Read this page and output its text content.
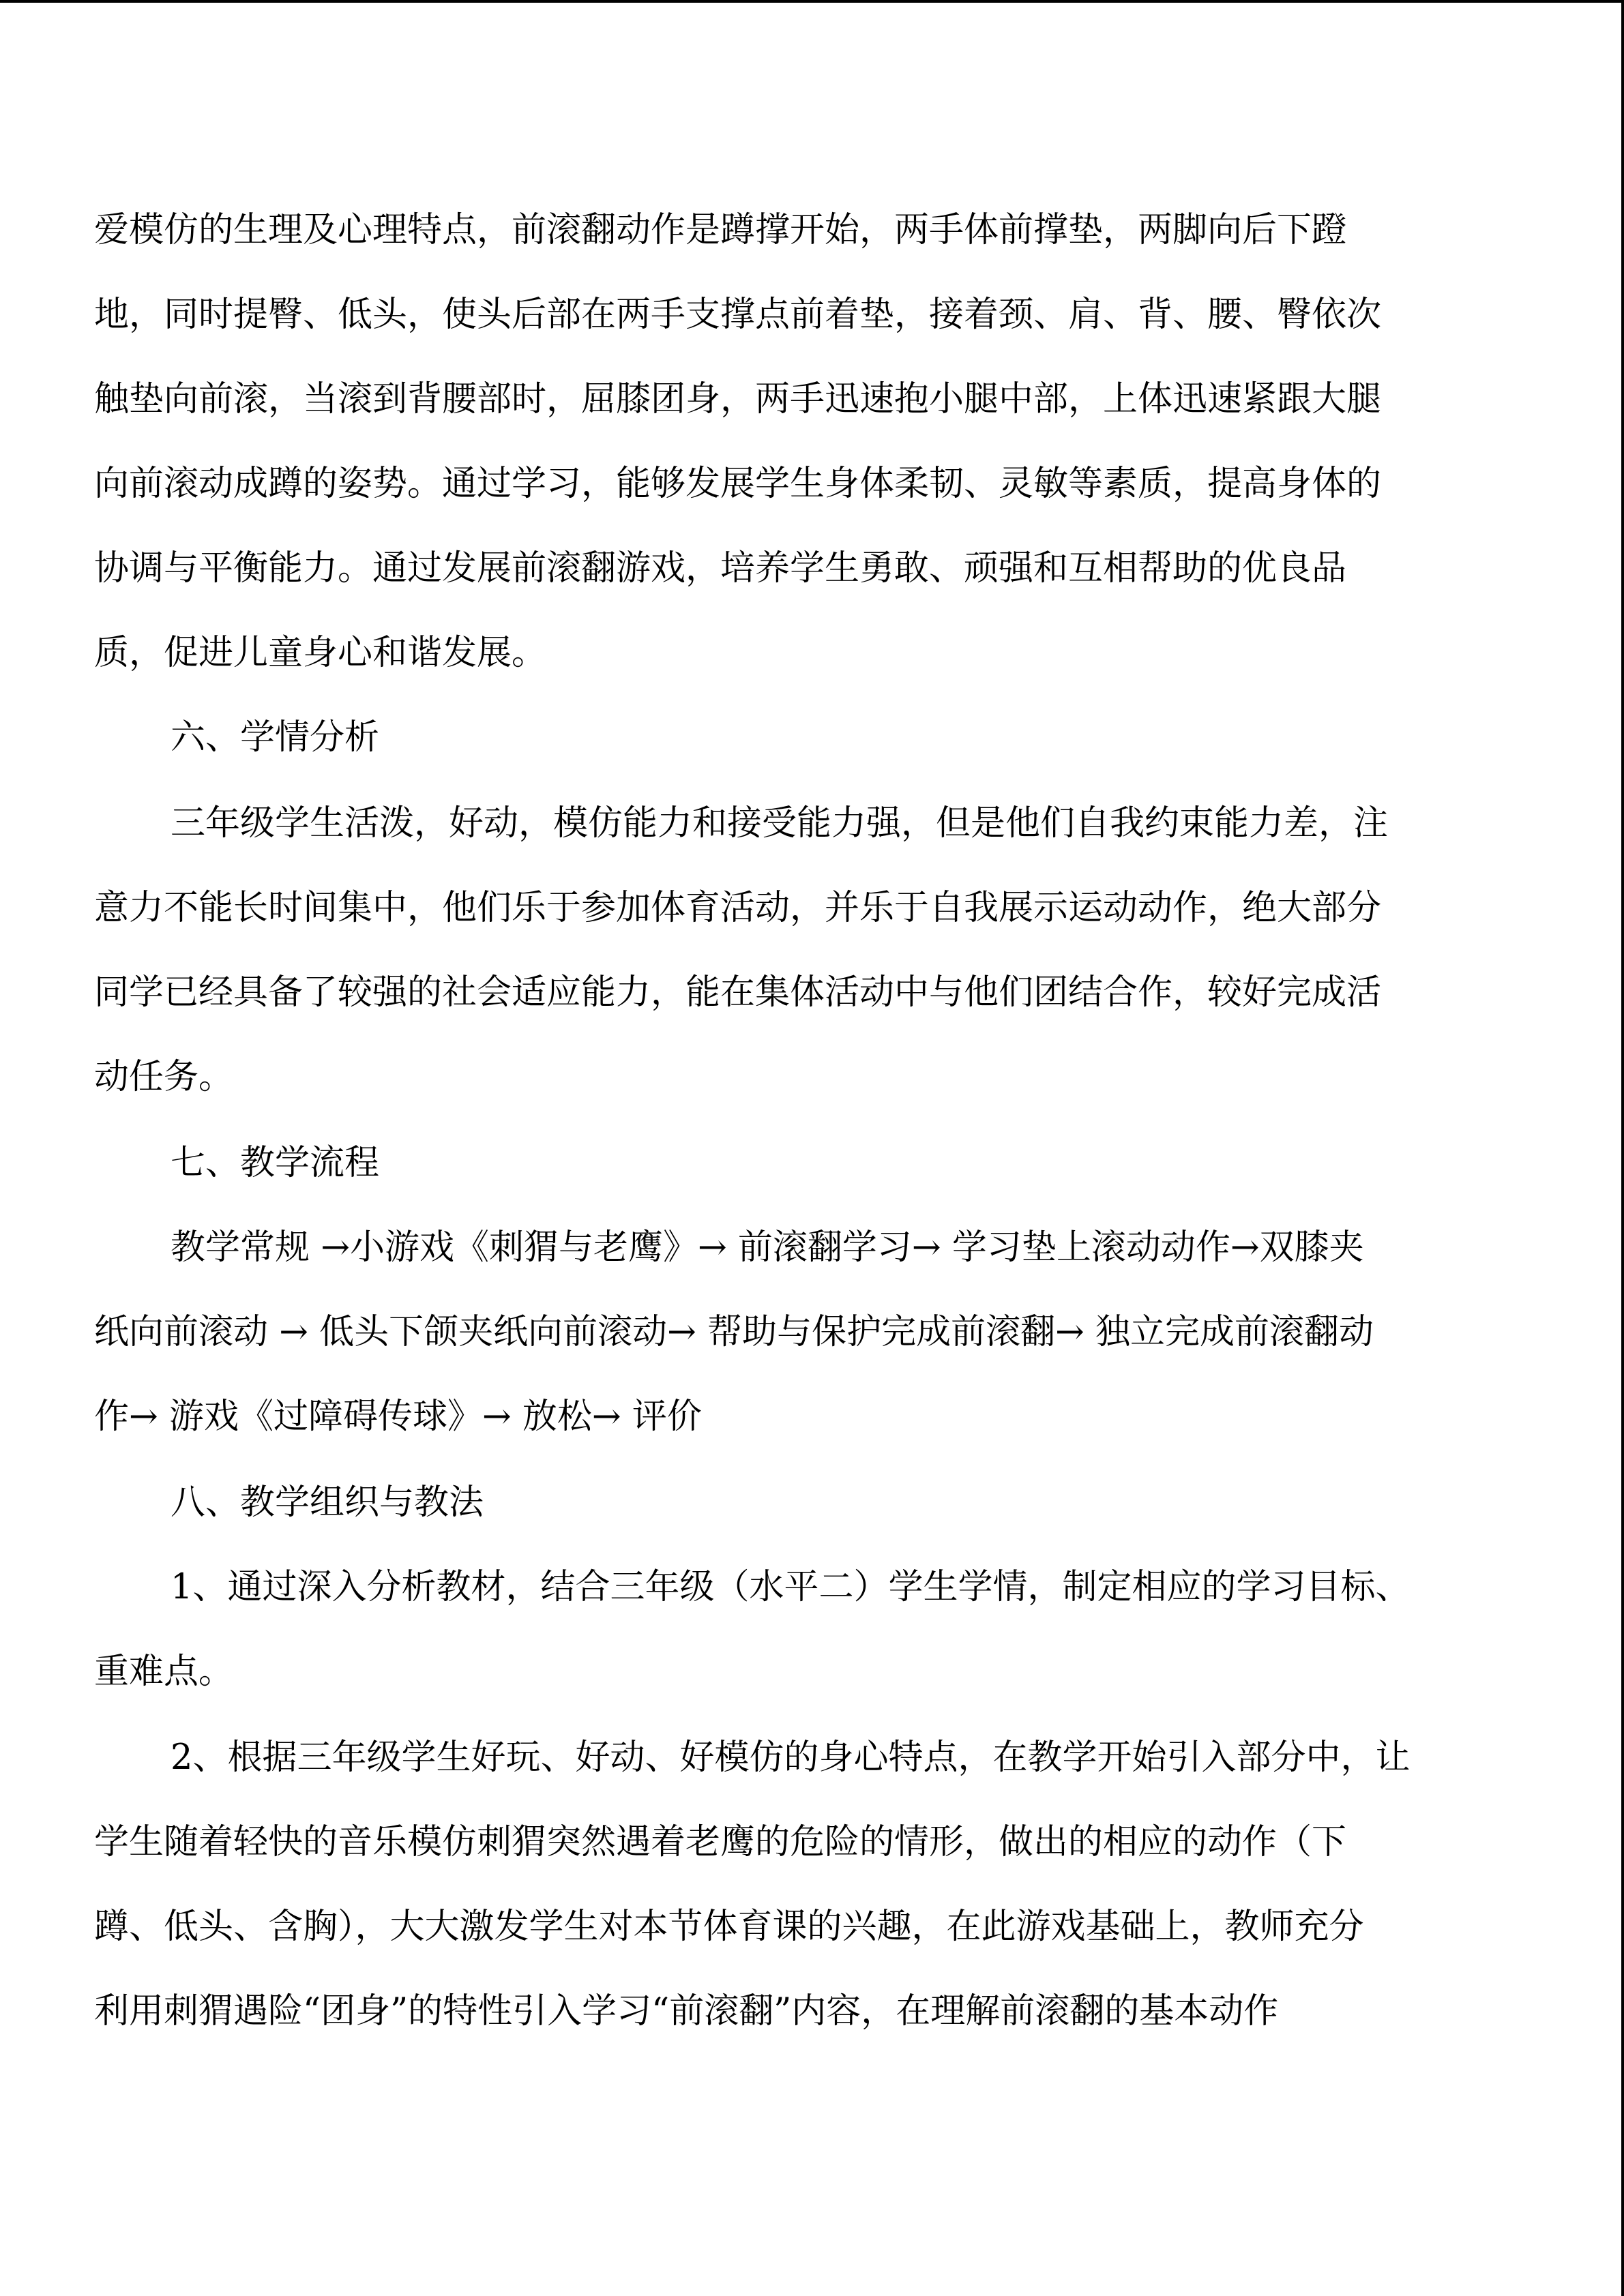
爱模仿的生理及心理特点，前滚翻动作是蹲撑开始，两手体前撑垫，两脚向后下蹬
地，同时提臀、低头，使头后部在两手支撑点前着垫，接着颈、肩、背、腰、臀依次
触垫向前滚，当滚到背腰部时，屈膝团身，两手迅速抱小腿中部，上体迅速紧跟大腿
向前滚动成蹲的姿势。通过学习，能够发展学生身体柔韧、灵敏等素质，提高身体的
协调与平衡能力。通过发展前滚翻游戏，培养学生勇敢、顽强和互相帮助的优良品
质，促进儿童身心和谐发展。
六、学情分析
三年级学生活泼，好动，模仿能力和接受能力强，但是他们自我约束能力差，注
意力不能长时间集中，他们乐于参加体育活动，并乐于自我展示运动动作，绝大部分
同学已经具备了较强的社会适应能力，能在集体活动中与他们团结合作，较好完成活
动任务。
七、教学流程
教学常规 →小游戏《刺猬与老鹰》→ 前滚翻学习→ 学习垫上滚动动作→双膝夹
纸向前滚动 → 低头下颌夹纸向前滚动→ 帮助与保护完成前滚翻→ 独立完成前滚翻动
作→ 游戏《过障碍传球》→ 放松→ 评价
八、教学组织与教法
1、通过深入分析教材，结合三年级（水平二）学生学情，制定相应的学习目标、
重难点。
2、根据三年级学生好玩、好动、好模仿的身心特点，在教学开始引入部分中，让
学生随着轻快的音乐模仿刺猬突然遇着老鹰的危险的情形，做出的相应的动作（下
蹲、低头、含胸），大大激发学生对本节体育课的兴趣，在此游戏基础上，教师充分
利用刺猬遇险“团身”的特性引入学习“前滚翻”内容，在理解前滚翻的基本动作
